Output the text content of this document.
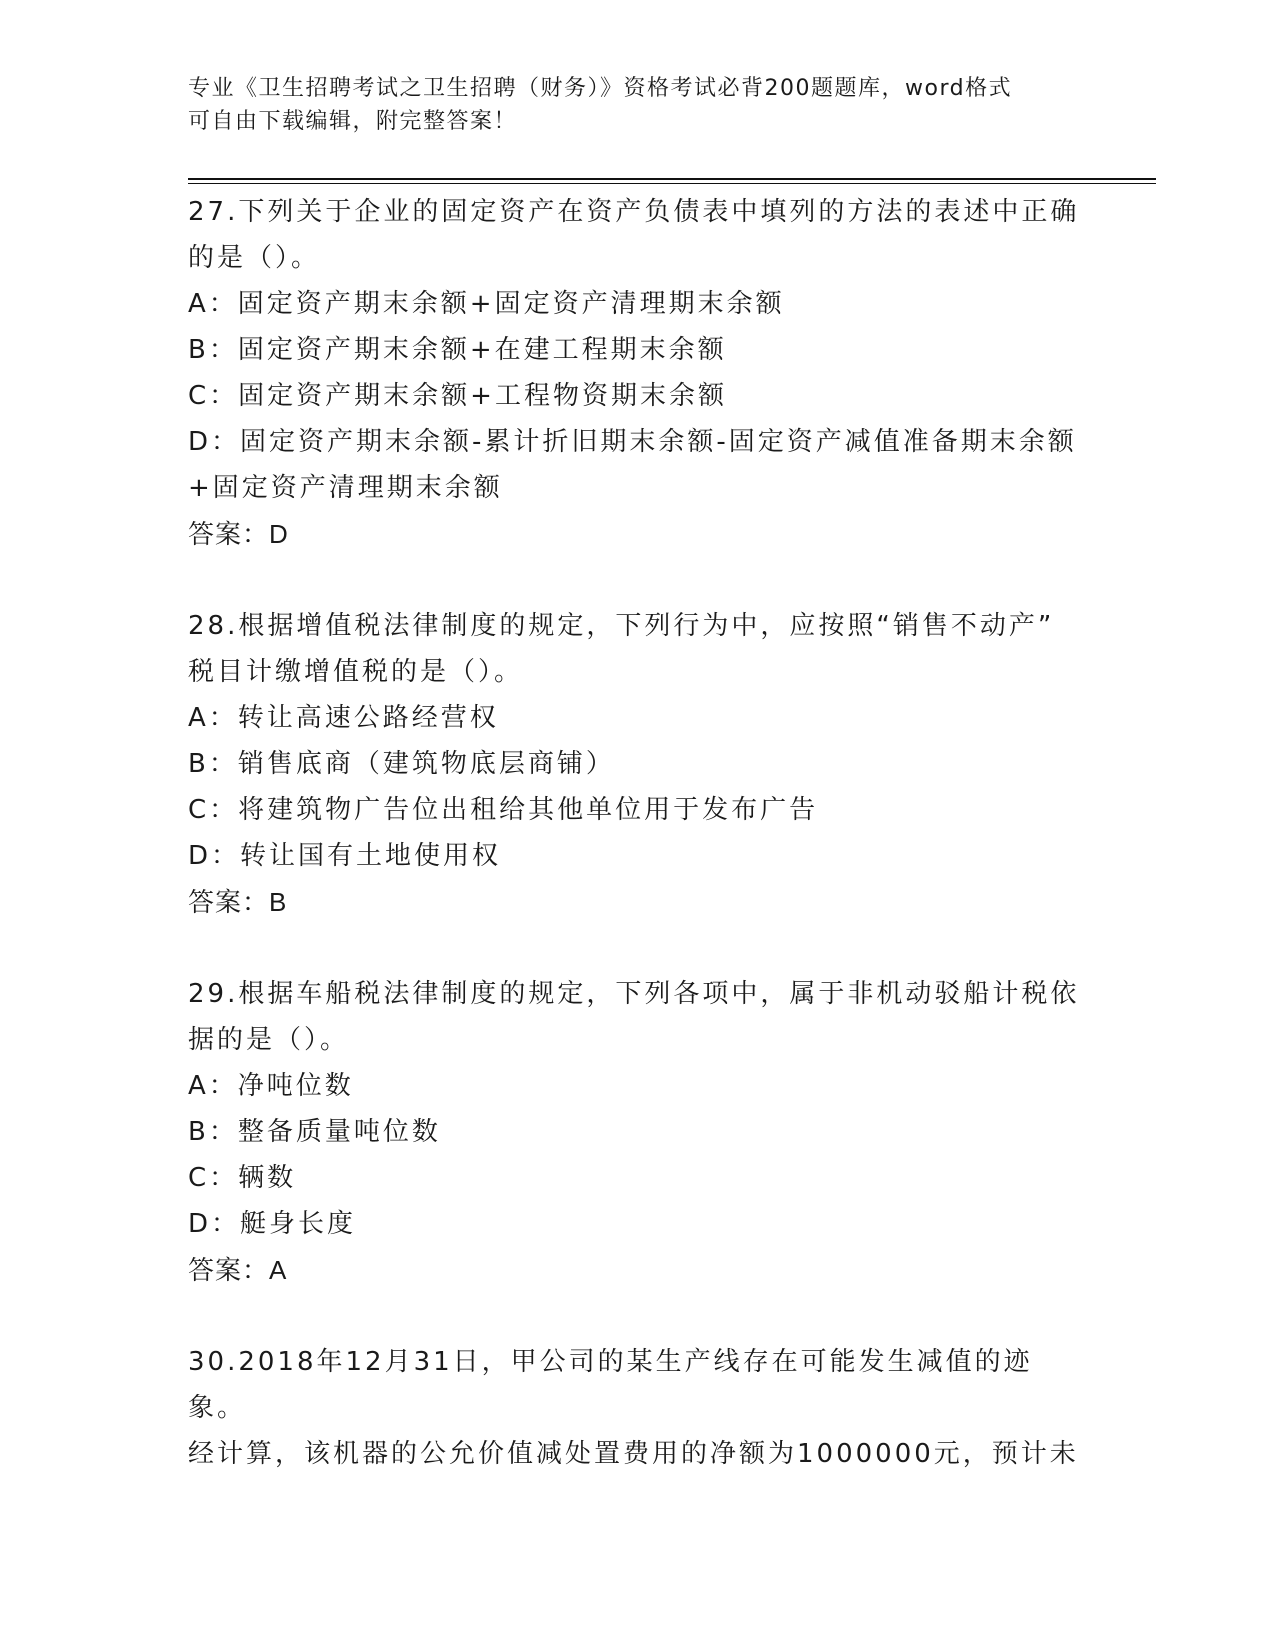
专业《卫生招聘考试之卫生招聘（财务）》资格考试必背200题题库，word格式
可自由下载编辑，附完整答案！
27.下列关于企业的固定资产在资产负债表中填列的方法的表述中正确
的是（）。
A：固定资产期末余额+固定资产清理期末余额
B：固定资产期末余额+在建工程期末余额
C：固定资产期末余额+工程物资期末余额
D：固定资产期末余额-累计折旧期末余额-固定资产减值准备期末余额
+固定资产清理期末余额
答案：D
28.根据增值税法律制度的规定，下列行为中，应按照“销售不动产”
税目计缴增值税的是（）。
A：转让高速公路经营权
B：销售底商（建筑物底层商铺）
C：将建筑物广告位出租给其他单位用于发布广告
D：转让国有土地使用权
答案：B
29.根据车船税法律制度的规定，下列各项中，属于非机动驳船计税依
据的是（）。
A：净吨位数
B：整备质量吨位数
C：辆数
D：艇身长度
答案：A
30.2018年12月31日，甲公司的某生产线存在可能发生减值的迹象。
经计算，该机器的公允价值减处置费用的净额为1000000元，预计未
